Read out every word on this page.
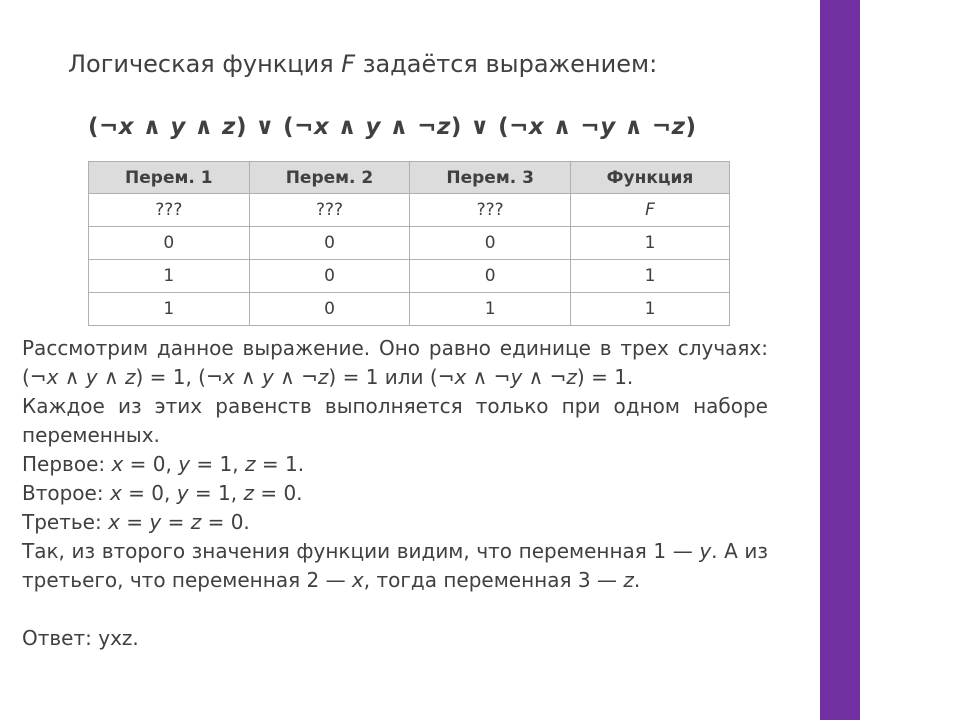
Логическая функция F задаётся выражением:
(¬x ∧ y ∧ z) ∨ (¬x ∧ y ∧ ¬z) ∨ (¬x ∧ ¬y ∧ ¬z)
Перем. 1	Перем. 2	Перем. 3	Функция
???	???	???	F
0	0	0	1
1	0	0	1
1	0	1	1

Рассмотрим данное выражение. Оно равно единице в трех случаях: (¬x ∧ y ∧ z) = 1, (¬x ∧ y ∧ ¬z) = 1 или (¬x ∧ ¬y ∧ ¬z) = 1.

Каждое из этих равенств выполняется только при одном наборе переменных.

Первое: x = 0, y = 1, z = 1.

Второе: x = 0, y = 1, z = 0.

Третье: x = y = z = 0.

Так, из второго значения функции видим, что переменная 1 — y. А из третьего, что переменная 2 — x, тогда переменная 3 — z.

Ответ: yxz.
